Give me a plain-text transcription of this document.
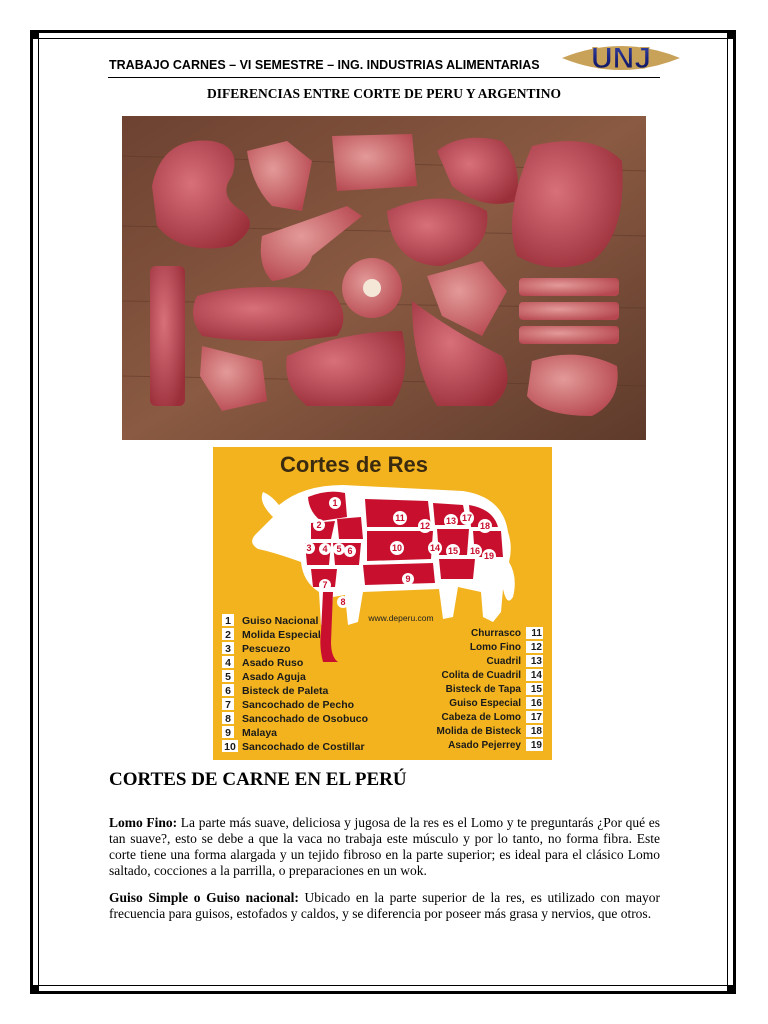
TRABAJO CARNES – VI SEMESTRE – ING. INDUSTRIAS ALIMENTARIAS UNJ
DIFERENCIAS ENTRE CORTE DE PERU Y ARGENTINO
Cortes de Res
1
2
3 4 5 6
7
8
9
10
11
12 13
14 15 16
17
18
19
www.deperu.com
1 Guiso Nacional
2 Molida Especial
3 Pescuezo
4 Asado Ruso
5 Asado Aguja
6 Bisteck de Paleta
7 Sancochado de Pecho
8 Sancochado de Osobuco
9 Malaya
10 Sancochado de Costillar
Churrasco 11
Lomo Fino 12
Cuadril 13
Colita de Cuadril 14
Bisteck de Tapa 15
Guiso Especial 16
Cabeza de Lomo 17
Molida de Bisteck 18
Asado Pejerrey 19
CORTES DE CARNE EN EL PERÚ

Lomo Fino: La parte más suave, deliciosa y jugosa de la res es el Lomo y te preguntarás ¿Por qué es tan suave?, esto se debe a que la vaca no trabaja este músculo y por lo tanto, no forma fibra. Este corte tiene una forma alargada y un tejido fibroso en la parte superior; es ideal para el clásico Lomo saltado, cocciones a la parrilla, o preparaciones en un wok.

Guiso Simple o Guiso nacional: Ubicado en la parte superior de la res, es utilizado con mayor frecuencia para guisos, estofados y caldos, y se diferencia por poseer más grasa y nervios, que otros.
